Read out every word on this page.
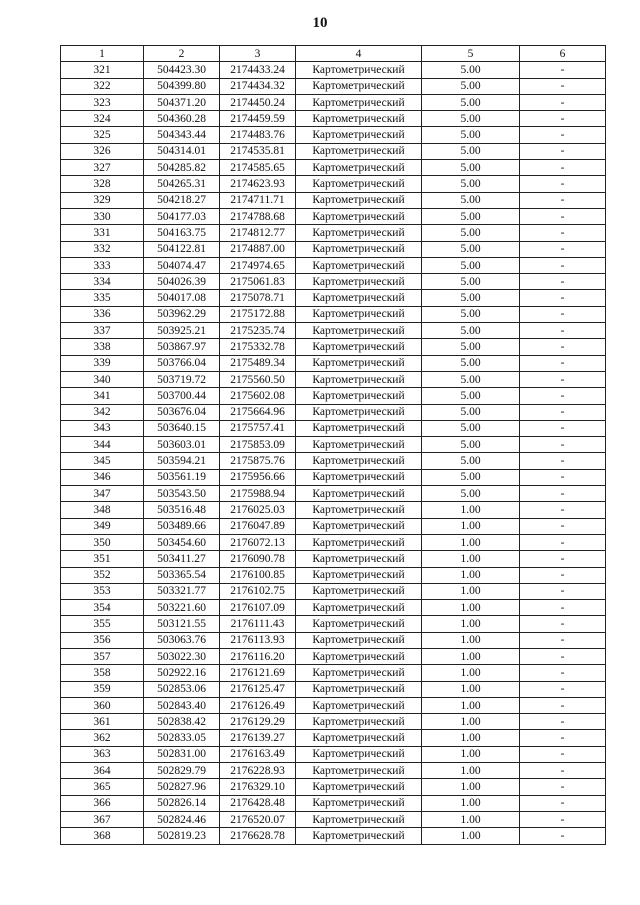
10
1	2	3	4	5	6
321	504423.30	2174433.24	Картометрический	5.00	-
322	504399.80	2174434.32	Картометрический	5.00	-
323	504371.20	2174450.24	Картометрический	5.00	-
324	504360.28	2174459.59	Картометрический	5.00	-
325	504343.44	2174483.76	Картометрический	5.00	-
326	504314.01	2174535.81	Картометрический	5.00	-
327	504285.82	2174585.65	Картометрический	5.00	-
328	504265.31	2174623.93	Картометрический	5.00	-
329	504218.27	2174711.71	Картометрический	5.00	-
330	504177.03	2174788.68	Картометрический	5.00	-
331	504163.75	2174812.77	Картометрический	5.00	-
332	504122.81	2174887.00	Картометрический	5.00	-
333	504074.47	2174974.65	Картометрический	5.00	-
334	504026.39	2175061.83	Картометрический	5.00	-
335	504017.08	2175078.71	Картометрический	5.00	-
336	503962.29	2175172.88	Картометрический	5.00	-
337	503925.21	2175235.74	Картометрический	5.00	-
338	503867.97	2175332.78	Картометрический	5.00	-
339	503766.04	2175489.34	Картометрический	5.00	-
340	503719.72	2175560.50	Картометрический	5.00	-
341	503700.44	2175602.08	Картометрический	5.00	-
342	503676.04	2175664.96	Картометрический	5.00	-
343	503640.15	2175757.41	Картометрический	5.00	-
344	503603.01	2175853.09	Картометрический	5.00	-
345	503594.21	2175875.76	Картометрический	5.00	-
346	503561.19	2175956.66	Картометрический	5.00	-
347	503543.50	2175988.94	Картометрический	5.00	-
348	503516.48	2176025.03	Картометрический	1.00	-
349	503489.66	2176047.89	Картометрический	1.00	-
350	503454.60	2176072.13	Картометрический	1.00	-
351	503411.27	2176090.78	Картометрический	1.00	-
352	503365.54	2176100.85	Картометрический	1.00	-
353	503321.77	2176102.75	Картометрический	1.00	-
354	503221.60	2176107.09	Картометрический	1.00	-
355	503121.55	2176111.43	Картометрический	1.00	-
356	503063.76	2176113.93	Картометрический	1.00	-
357	503022.30	2176116.20	Картометрический	1.00	-
358	502922.16	2176121.69	Картометрический	1.00	-
359	502853.06	2176125.47	Картометрический	1.00	-
360	502843.40	2176126.49	Картометрический	1.00	-
361	502838.42	2176129.29	Картометрический	1.00	-
362	502833.05	2176139.27	Картометрический	1.00	-
363	502831.00	2176163.49	Картометрический	1.00	-
364	502829.79	2176228.93	Картометрический	1.00	-
365	502827.96	2176329.10	Картометрический	1.00	-
366	502826.14	2176428.48	Картометрический	1.00	-
367	502824.46	2176520.07	Картометрический	1.00	-
368	502819.23	2176628.78	Картометрический	1.00	-
